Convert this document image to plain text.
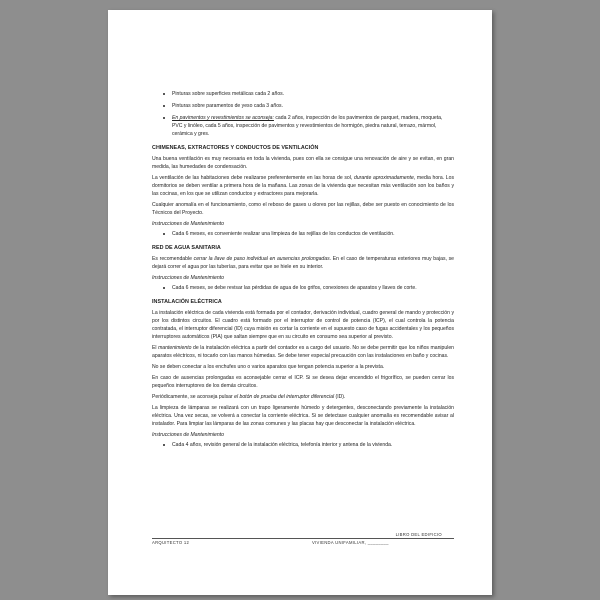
Pinturas sobre superficies metálicas cada 2 años.
Pinturas sobre paramentos de yeso cada 3 años.
En pavimentos y revestimientos se aconseja: cada 2 años, inspección de los pavimentos de parquet, madera, moqueta, PVC y linóleo, cada 5 años, inspección de pavimentos y revestimientos de hormigón, piedra natural, terrazo, mármol, cerámica y gres.
CHIMENEAS, EXTRACTORES Y CONDUCTOS DE VENTILACIÓN

Una buena ventilación es muy necesaria en toda la vivienda, pues con ella se consigue una renovación de aire y se evitan, en gran medida, las humedades de condensación.

La ventilación de las habitaciones debe realizarse preferentemente en las horas de sol, durante aproximadamente, media hora. Los dormitorios se deben ventilar a primera hora de la mañana. Las zonas de la vivienda que necesitan más ventilación son los baños y las cocinas, en los que se utilizan conductos y extractores para mejorarla.

Cualquier anomalía en el funcionamiento, como el reboso de gases u olores por las rejillas, debe ser puesto en conocimiento de los Técnicos del Proyecto.

Instrucciones de Mantenimiento
Cada 6 meses, es conveniente realizar una limpieza de las rejillas de los conductos de ventilación.
RED DE AGUA SANITARIA

Es recomendable cerrar la llave de paso individual en ausencias prolongadas. En el caso de temperaturas exteriores muy bajas, se dejará correr el agua por las tuberías, para evitar que se hiele en su interior.

Instrucciones de Mantenimiento
Cada 6 meses, se debe revisar las pérdidas de agua de los grifos, conexiones de aparatos y llaves de corte.
INSTALACIÓN ELÉCTRICA

La instalación eléctrica de cada vivienda está formada por el contador, derivación individual, cuadro general de mando y protección y por los distintos circuitos. El cuadro está formado por el interruptor de control de potencia (ICP), el cual controla la potencia contratada, el interruptor diferencial (ID) cuya misión es cortar la corriente en el supuesto caso de fugas accidentales y los pequeños interruptores automáticos (PIA) que saltan siempre que en su circuito en consumo sea superior al previsto.

El mantenimiento de la instalación eléctrica a partir del contador es a cargo del usuario. No se debe permitir que los niños manipulen aparatos eléctricos, ni tocarlo con las manos húmedas. Se debe tener especial precaución con las instalaciones en baño y cocinas.

No se deben conectar a los enchufes uno o varios aparatos que tengan potencia superior a la prevista.

En caso de ausencias prolongadas es aconsejable cerrar el ICP. Si se desea dejar encendido el frigorífico, se pueden cerrar los pequeños interruptores de los demás circuitos.

Periódicamente, se aconseja pulsar el botón de prueba del interruptor diferencial (ID).

La limpieza de lámparas se realizará con un trapo ligeramente húmedo y detergentes, desconectando previamente la instalación eléctrica. Una vez secas, se volverá a conectar la corriente eléctrica. Si se detectase cualquier anomalía es recomendable avisar al instalador. Para limpiar las lámparas de las zonas comunes y las placas hay que desconectar la instalación eléctrica.

Instrucciones de Mantenimiento
Cada 4 años, revisión general de la instalación eléctrica, telefonía interior y antena de la vivienda.
LIBRO DEL EDIFICIO
ARQUITECTO 12	VIVIENDA UNIFAMILIAR, ________
